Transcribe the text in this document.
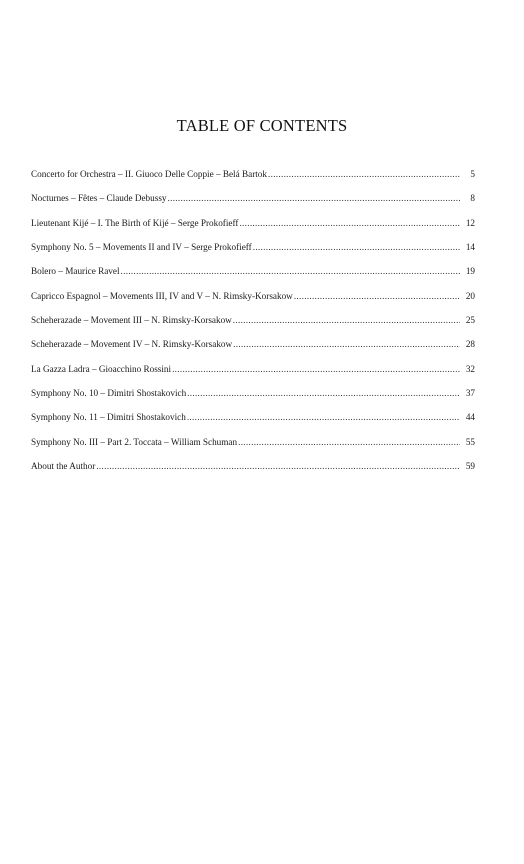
TABLE OF CONTENTS
Concerto for Orchestra – II. Giuoco Delle Coppie – Belá Bartok .....	5
Nocturnes – Fêtes – Claude Debussy .....	8
Lieutenant Kijé – I. The Birth of Kijé – Serge Prokofieff .....	12
Symphony No. 5 – Movements II and IV – Serge Prokofieff .....	14
Bolero – Maurice Ravel .....	19
Capricco Espagnol – Movements III, IV and V – N. Rimsky-Korsakow .....	20
Scheherazade – Movement III – N. Rimsky-Korsakow .....	25
Scheherazade – Movement IV – N. Rimsky-Korsakow .....	28
La Gazza Ladra – Gioacchino Rossini .....	32
Symphony No. 10 – Dimitri Shostakovich .....	37
Symphony No. 11 – Dimitri Shostakovich .....	44
Symphony No. III – Part 2. Toccata – William Schuman .....	55
About the Author .....	59
